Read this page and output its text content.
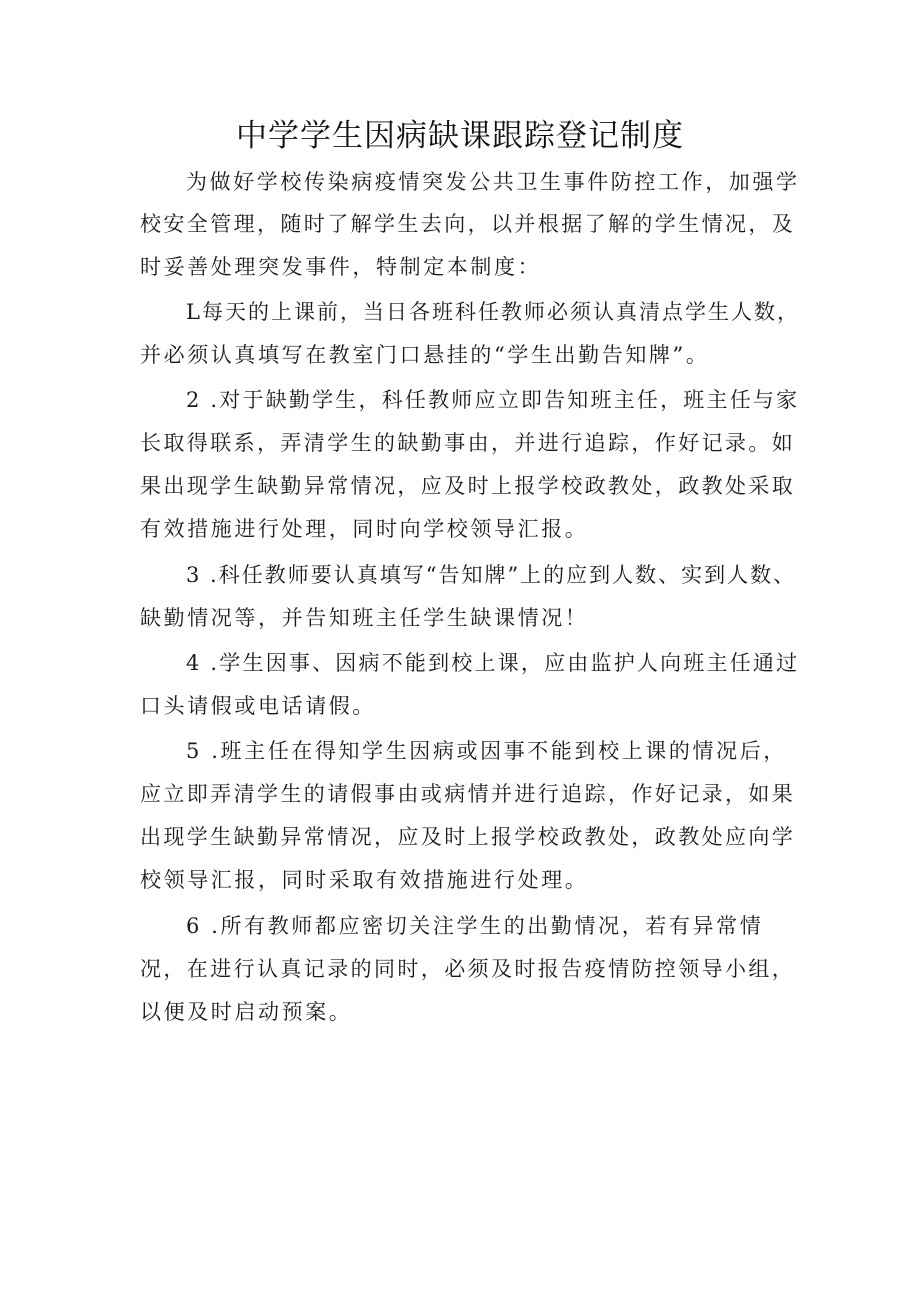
中学学生因病缺课跟踪登记制度
为做好学校传染病疫情突发公共卫生事件防控工作，加强学
校安全管理，随时了解学生去向，以并根据了解的学生情况，及
时妥善处理突发事件，特制定本制度：
L每天的上课前，当日各班科任教师必须认真清点学生人数，
并必须认真填写在教室门口悬挂的“学生出勤告知牌”。
2 .对于缺勤学生，科任教师应立即告知班主任，班主任与家
长取得联系，弄清学生的缺勤事由，并进行追踪，作好记录。如
果出现学生缺勤异常情况，应及时上报学校政教处，政教处采取
有效措施进行处理，同时向学校领导汇报。
3 .科任教师要认真填写“告知牌”上的应到人数、实到人数、
缺勤情况等，并告知班主任学生缺课情况！
4 .学生因事、因病不能到校上课，应由监护人向班主任通过
口头请假或电话请假。
5 .班主任在得知学生因病或因事不能到校上课的情况后，
应立即弄清学生的请假事由或病情并进行追踪，作好记录，如果
出现学生缺勤异常情况，应及时上报学校政教处，政教处应向学
校领导汇报，同时采取有效措施进行处理。
6 .所有教师都应密切关注学生的出勤情况，若有异常情
况，在进行认真记录的同时，必须及时报告疫情防控领导小组，
以便及时启动预案。
